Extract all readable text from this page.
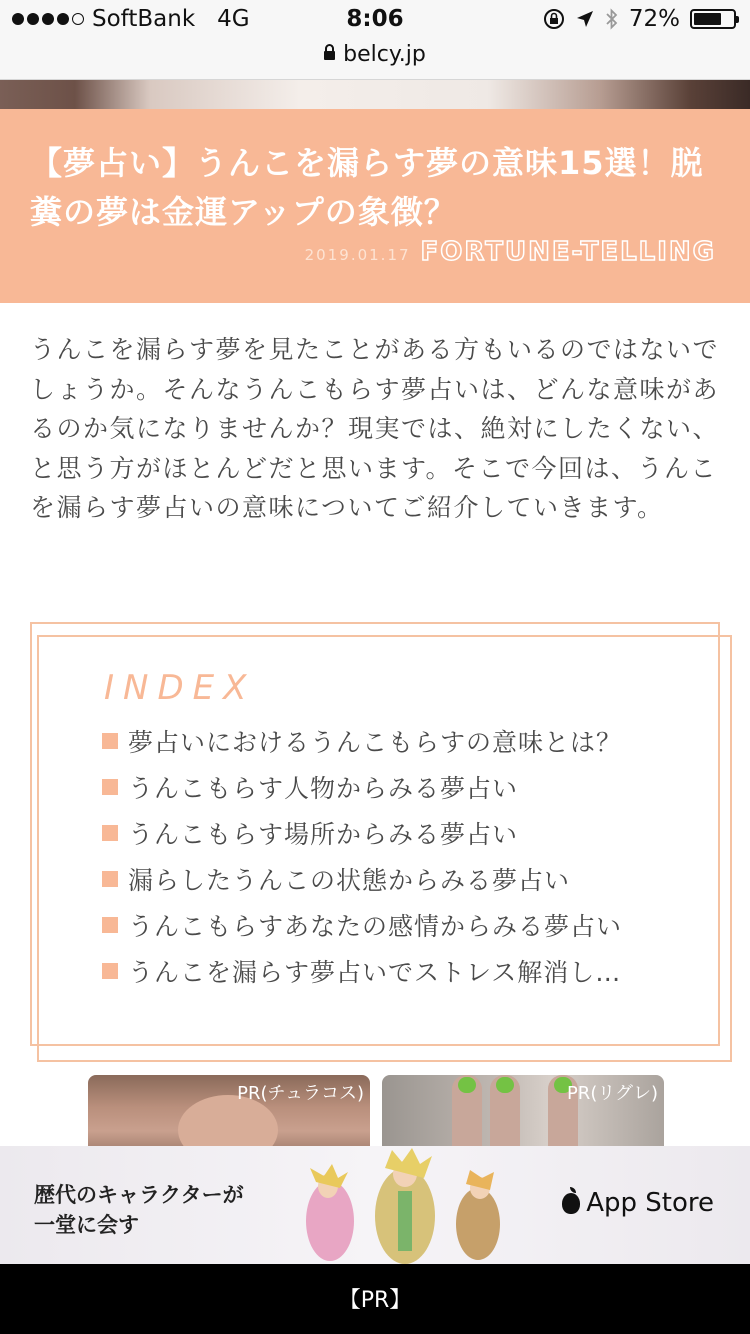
SoftBank 4G	8:06	72%
belcy.jp
【夢占い】うんこを漏らす夢の意味15選！脱糞の夢は金運アップの象徴？
2019.01.17 FORTUNE-TELLING

うんこを漏らす夢を見たことがある方もいるのではないでしょうか。そんなうんこもらす夢占いは、どんな意味があるのか気になりませんか？現実では、絶対にしたくない、と思う方がほとんどだと思います。そこで今回は、うんこを漏らす夢占いの意味についてご紹介していきます。

INDEX
夢占いにおけるうんこもらすの意味とは？
うんこもらす人物からみる夢占い
うんこもらす場所からみる夢占い
漏らしたうんこの状態からみる夢占い
うんこもらすあなたの感情からみる夢占い
うんこを漏らす夢占いでストレス解消し…
PR(チュラコス)	PR(リグレ)
歴代のキャラクターが
一堂に会す
App Store
【PR】
